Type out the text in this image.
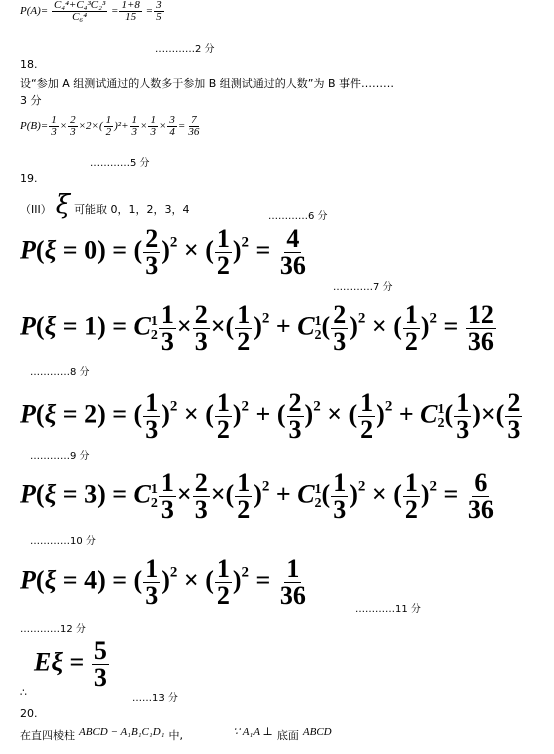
$P(A)= \frac{\text{C₄⁴+C₄³C₂³}}{\text{C₆⁴}} = \frac{1+8}{15} = \frac{3}{5}$
…………2 分
18.
设“参加 A 组测试通过的人数多于参加 B 组测试通过的人数”为 B 事件………
3 分
$P(B)= \frac{1}{3} \times \frac{2}{3} \times 2\times( \frac{1}{2} )^2+ \frac{1}{3} \times \frac{1}{3} \times \frac{3}{4} = \frac{7}{36}$
…………5 分
19.
（III） ξ 可能取 0，1，2，3，4
…………6 分
P(ξ = 0) = ( $\frac{2}{3} )^2$ × ( $\frac{1}{2} )^2 = \frac{4}{36}$
…………7 分
P(ξ = 1) = C 1
$2 \frac{1}{3} \times \frac{2}{3}$ ×( $\frac{1}{2} )^2 + C$ 1
2 ( $\frac{2}{3} )^2$ × ( $\frac{1}{2} )^2 = \frac{12}{36}$
…………8 分
P(ξ = 2) = ( $\frac{1}{3} )^2$ × ( $\frac{1}{2} )^2$ + ( $\frac{2}{3} )^2$ × ( $\frac{1}{2} )^2 + C$ 1
2 ( $\frac{1}{3}$ )×( $\frac{2}{3}$
…………9 分
P(ξ = 3) = C 1
$2 \frac{1}{3} \times \frac{2}{3}$ ×( $\frac{1}{2} )^2 + C$ 1
2 ( $\frac{1}{3} )^2$ × ( $\frac{1}{2} )^2 = \frac{6}{36}$
…………10 分
P(ξ = 4) = ( $\frac{1}{3} )^2$ × ( $\frac{1}{2} )^2 = \frac{1}{36}$
…………11 分
…………12 分
$E\xi = \frac{5}{3}$
∴	……13 分
20.
在直四棱柱 $^{ABCD - A_1B_1C_1D_1}$ 中,	$^{\because A_1A \perp}$ 底面 $^{ABCD}$
